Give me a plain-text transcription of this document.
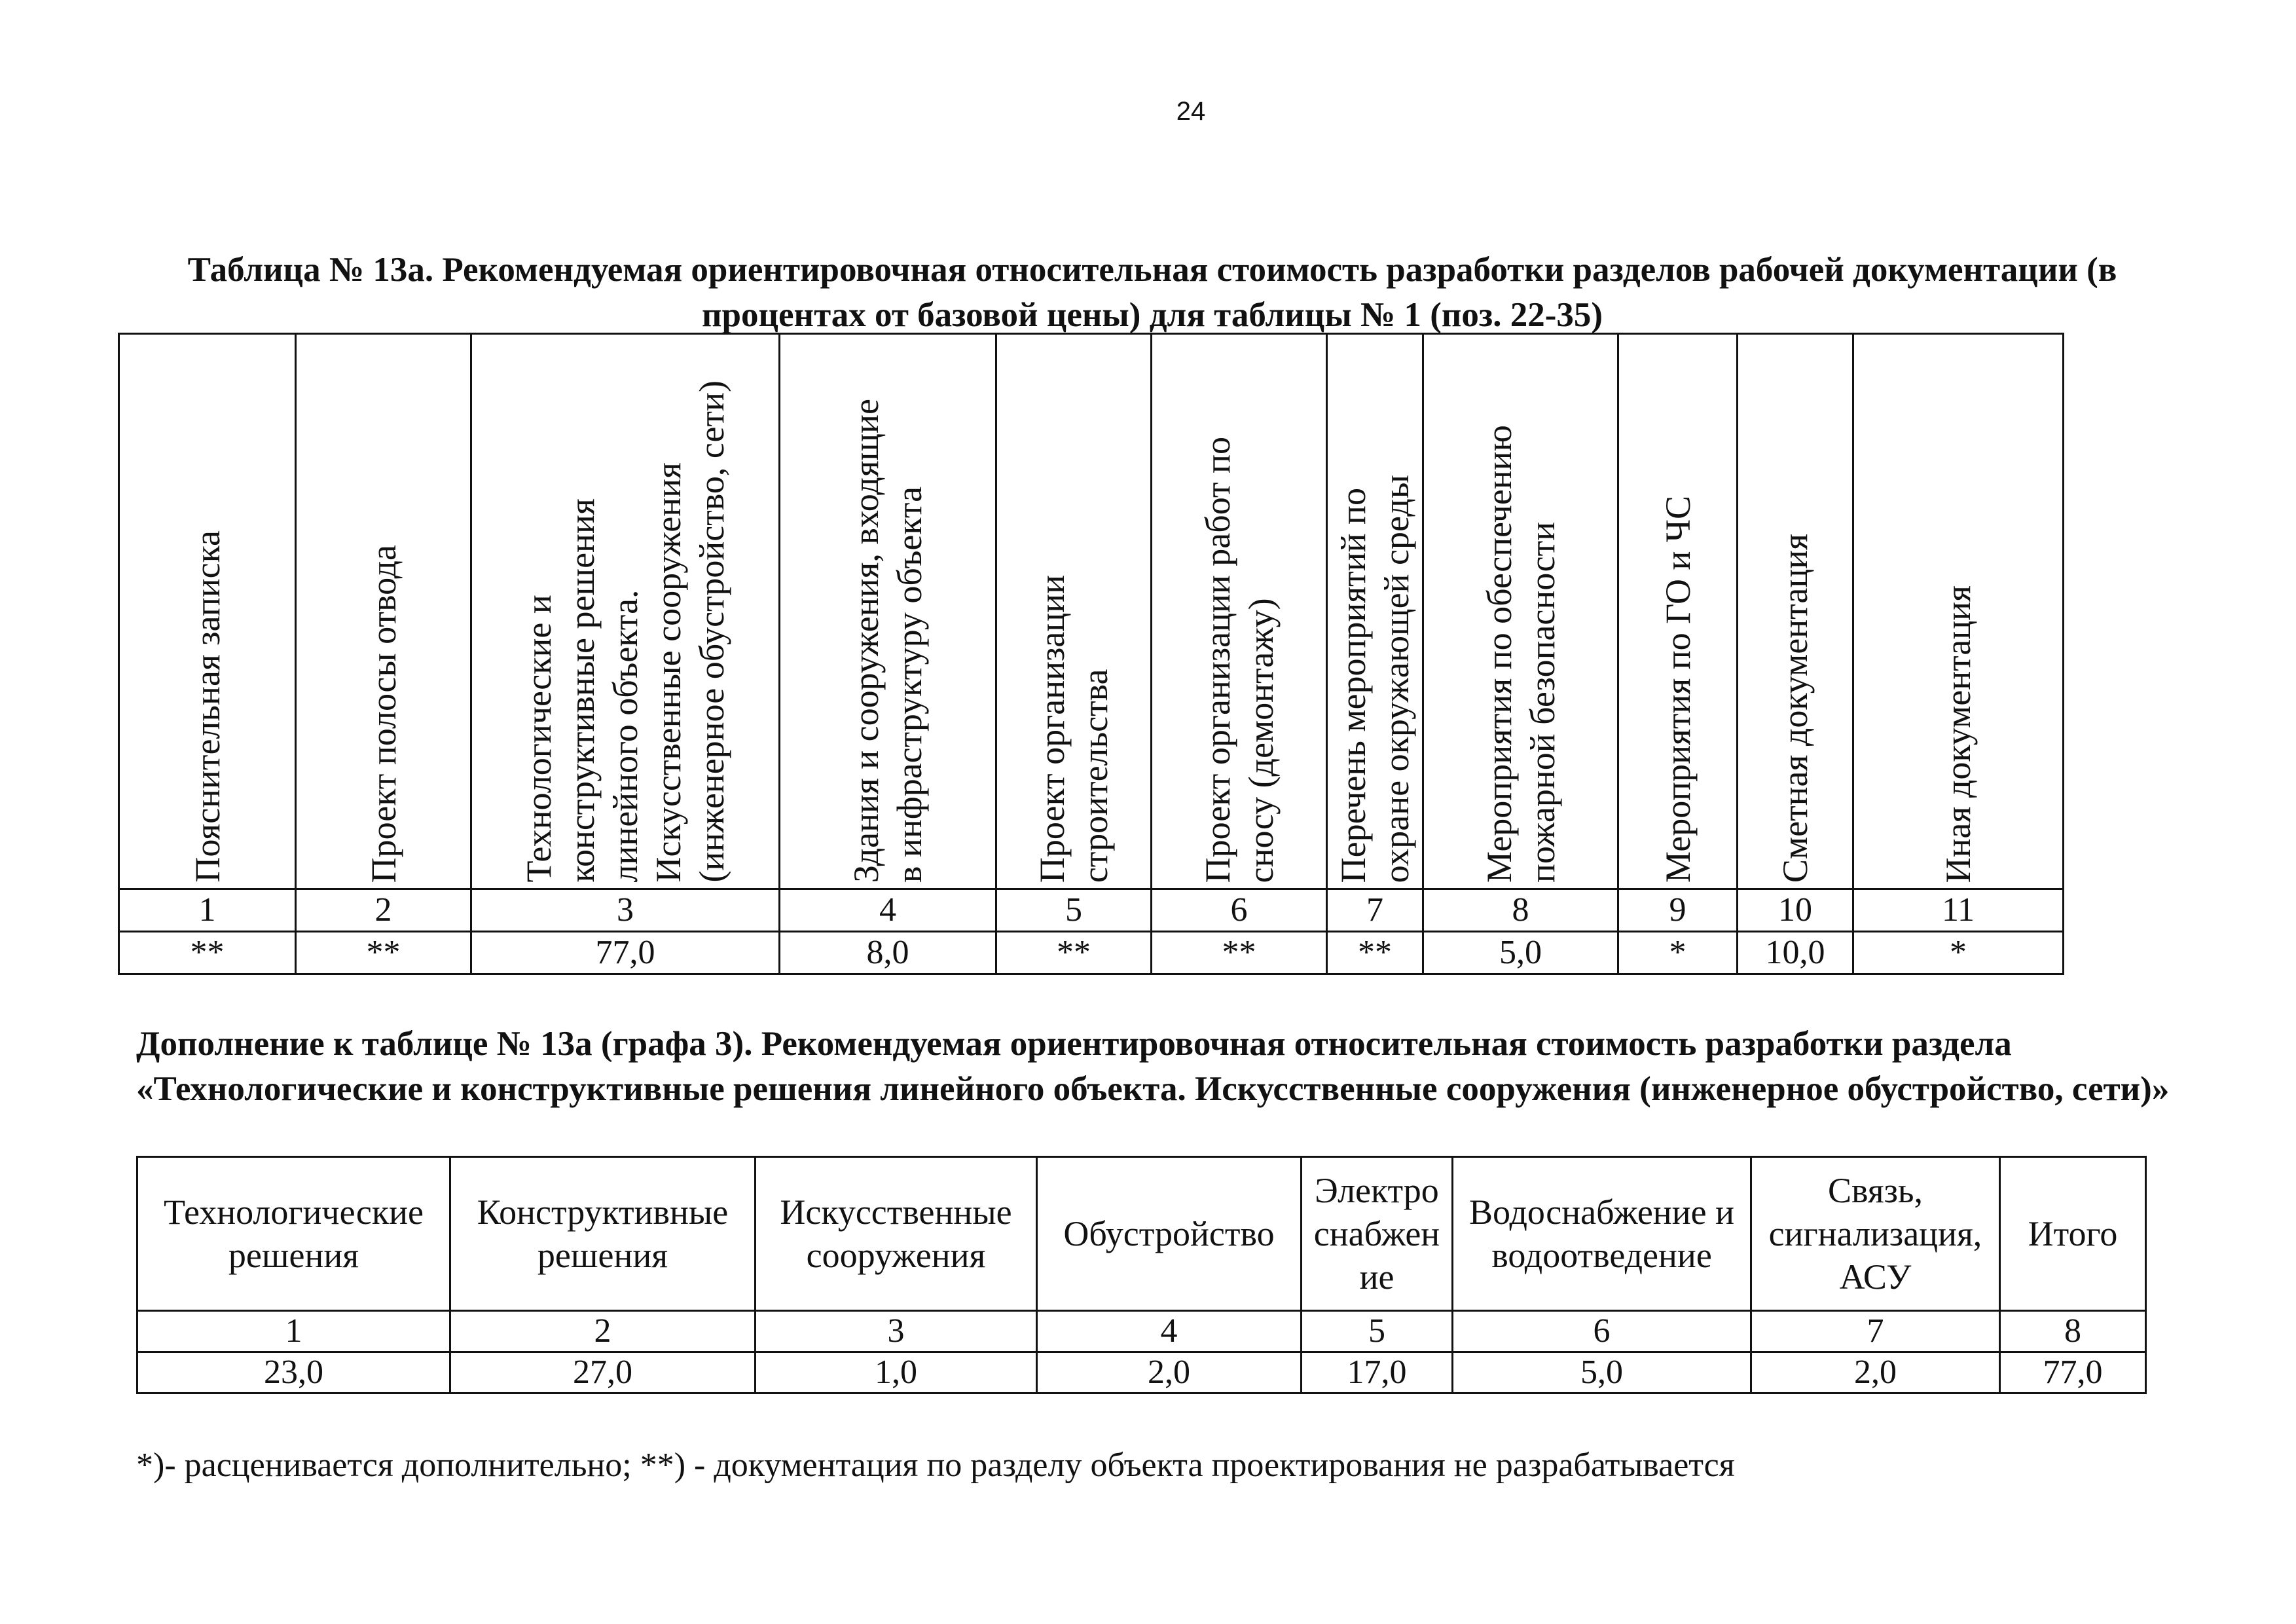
24
Таблица № 13а. Рекомендуемая ориентировочная относительная стоимость разработки разделов рабочей документации (в процентах от базовой цены) для таблицы № 1 (поз. 22-35)
Пояснительная записка	Проект полосы отвода	Технологические и
конструктивные решения
линейного объекта.
Искусственные сооружения
(инженерное обустройство, сети)	Здания и сооружения, входящие
в инфраструктуру объекта	Проект организации
строительства	Проект организации работ по
сносу (демонтажу)	Перечень мероприятий по
охране окружающей среды	Мероприятия по обеспечению
пожарной безопасности	Мероприятия по ГО и ЧС	Сметная документация	Иная документация

1	2	3	4	5	6	7	8	9	10	11
**	**	77,0	8,0	**	**	**	5,0	*	10,0	*
Дополнение к таблице № 13а (графа 3). Рекомендуемая ориентировочная относительная стоимость разработки раздела «Технологические и конструктивные решения линейного объекта. Искусственные сооружения (инженерное обустройство, сети)»
Технологические
решения	Конструктивные
решения	Искусственные
сооружения	Обустройство	Электро
снабжен
ие	Водоснабжение и
водоотведение	Связь,
сигнализация,
АСУ	Итого
1	2	3	4	5	6	7	8
23,0	27,0	1,0	2,0	17,0	5,0	2,0	77,0
*)- расценивается дополнительно; **) - документация по разделу объекта проектирования не разрабатывается
